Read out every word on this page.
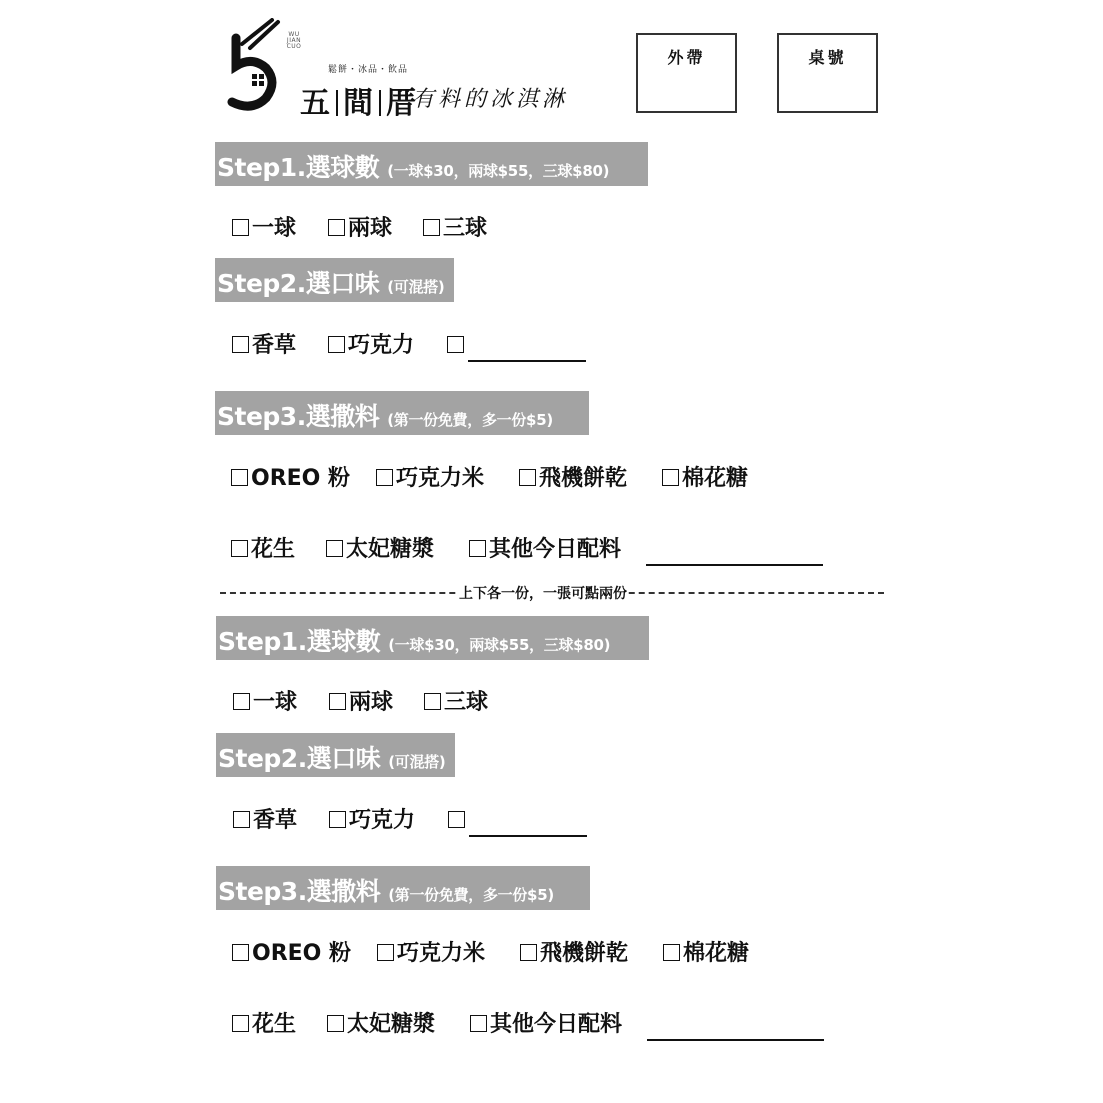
WU JIAN CUO
鬆餅・冰品・飲品
五 間 厝
有料的冰淇淋
外帶	桌號
Step1.選球數 (一球$30，兩球$55，三球$80)
一球	兩球	三球
Step2.選口味 (可混搭)
香草	巧克力
Step3.選撒料 (第一份免費，多一份$5)
OREO 粉	巧克力米	飛機餅乾	棉花糖
花生	太妃糖漿	其他今日配料
上下各一份，一張可點兩份
Step1.選球數 (一球$30，兩球$55，三球$80)
一球	兩球	三球
Step2.選口味 (可混搭)
香草	巧克力
Step3.選撒料 (第一份免費，多一份$5)
OREO 粉	巧克力米	飛機餅乾	棉花糖
花生	太妃糖漿	其他今日配料
